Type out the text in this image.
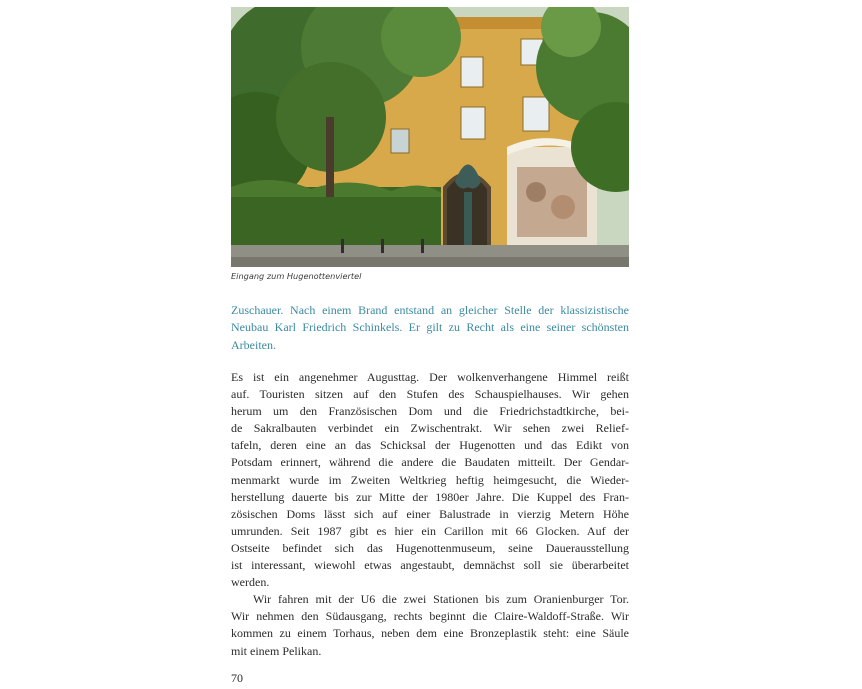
Eingang zum Hugenottenviertel
Zuschauer. Nach einem Brand entstand an gleicher Stelle der klassizistische
Neubau Karl Friedrich Schinkels. Er gilt zu Recht als eine seiner schönsten
Arbeiten.
Es ist ein angenehmer Augusttag. Der wolkenverhangene Himmel reißt
auf. Touristen sitzen auf den Stufen des Schauspielhauses. Wir gehen
herum um den Französischen Dom und die Friedrichstadtkirche, bei-
de Sakralbauten verbindet ein Zwischentrakt. Wir sehen zwei Relief-
tafeln, deren eine an das Schicksal der Hugenotten und das Edikt von
Potsdam erinnert, während die andere die Baudaten mitteilt. Der Gendar-
menmarkt wurde im Zweiten Weltkrieg heftig heimgesucht, die Wieder-
herstellung dauerte bis zur Mitte der 1980er Jahre. Die Kuppel des Fran-
zösischen Doms lässt sich auf einer Balustrade in vierzig Metern Höhe
umrunden. Seit 1987 gibt es hier ein Carillon mit 66 Glocken. Auf der
Ostseite befindet sich das Hugenottenmuseum, seine Dauerausstellung
ist interessant, wiewohl etwas angestaubt, demnächst soll sie überarbeitet
werden.
Wir fahren mit der U6 die zwei Stationen bis zum Oranienburger Tor.
Wir nehmen den Südausgang, rechts beginnt die Claire-Waldoff-Straße. Wir
kommen zu einem Torhaus, neben dem eine Bronzeplastik steht: eine Säule
mit einem Pelikan.
70
